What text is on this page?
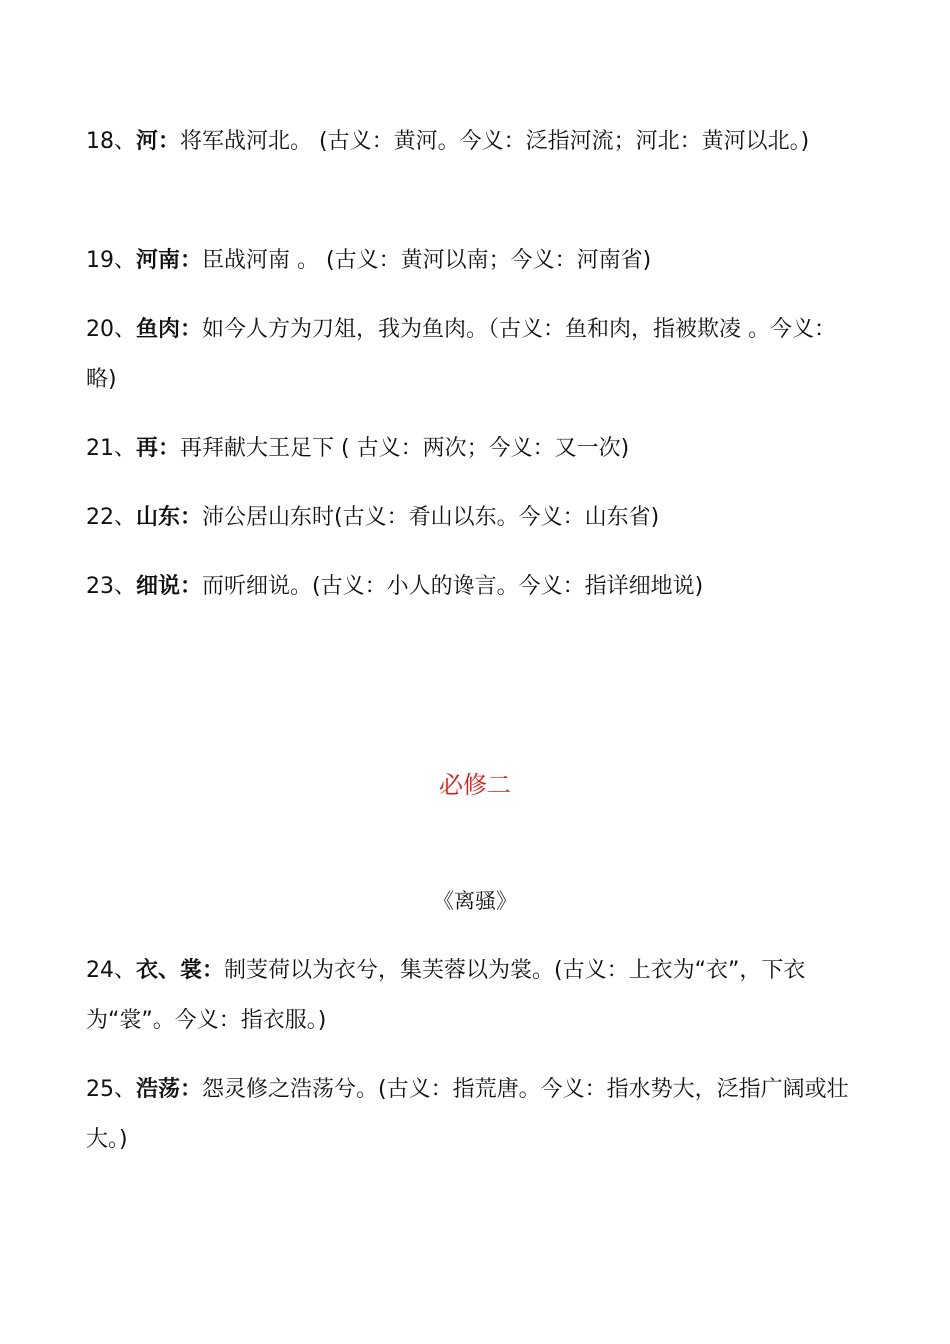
18、河：将军战河北。 (古义：黄河。今义：泛指河流；河北：黄河以北。)
19、河南：臣战河南 。 (古义：黄河以南；今义：河南省)
20、鱼肉：如今人方为刀俎，我为鱼肉。（古义：鱼和肉，指被欺凌 。今义：略)
21、再：再拜献大王足下 ( 古义：两次；今义：又一次)
22、山东：沛公居山东时(古义：肴山以东。今义：山东省)
23、细说：而听细说。(古义：小人的谗言。今义：指详细地说)
必修二
《离骚》
24、衣、裳：制芰荷以为衣兮，集芙蓉以为裳。(古义：上衣为“衣”，下衣为“裳”。今义：指衣服。)
25、浩荡：怨灵修之浩荡兮。(古义：指荒唐。今义：指水势大，泛指广阔或壮大。)
